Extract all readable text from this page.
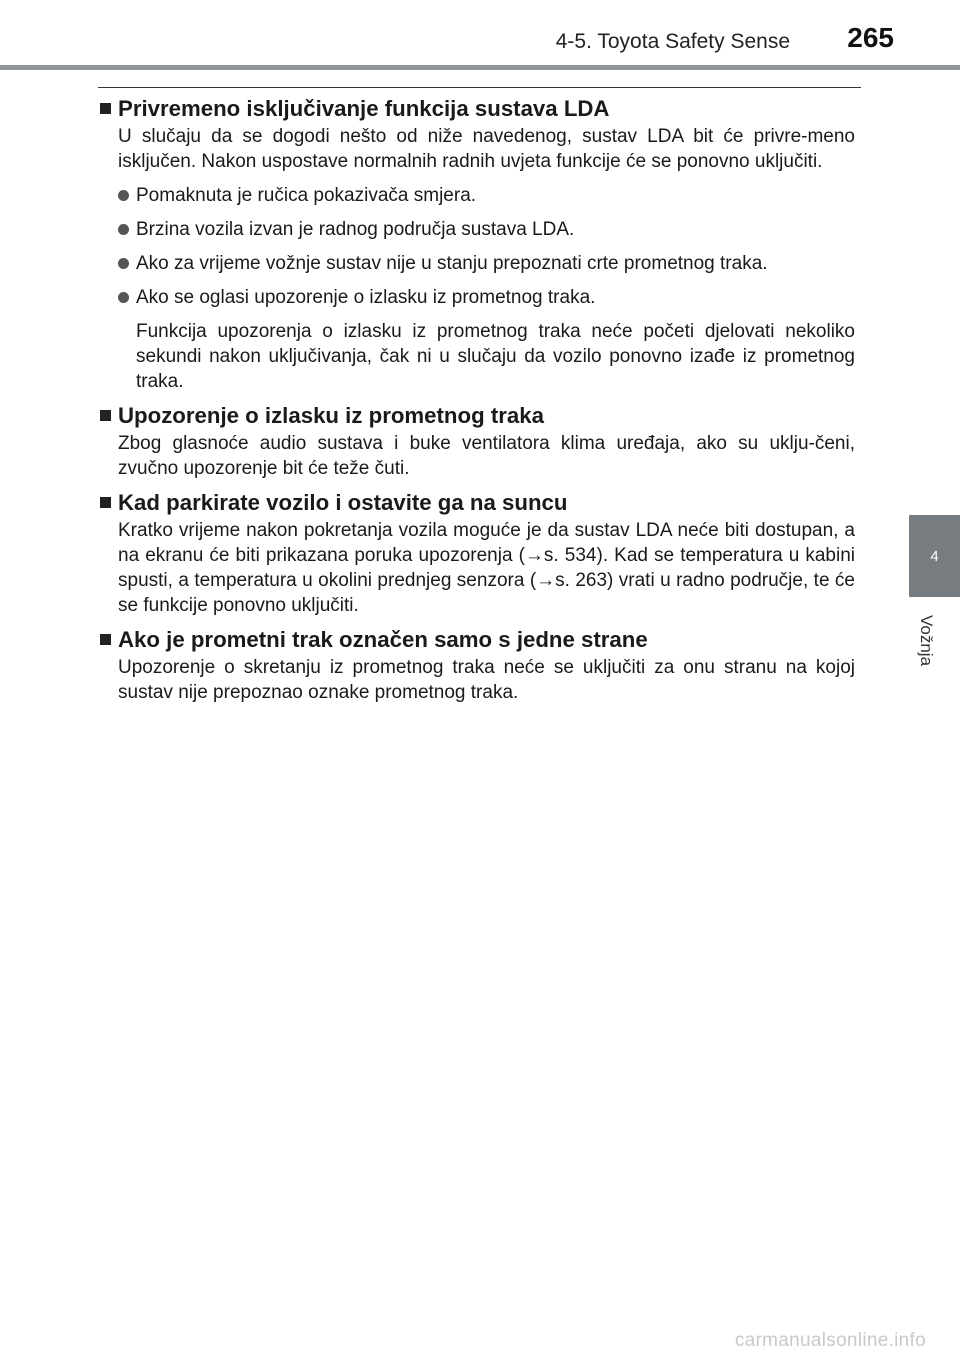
4-5. Toyota Safety Sense 265
4
Vožnja
Privremeno isključivanje funkcija sustava LDA

U slučaju da se dogodi nešto od niže navedenog, sustav LDA bit će privre-meno isključen. Nakon uspostave normalnih radnih uvjeta funkcije će se ponovno uključiti.

Pomaknuta je ručica pokazivača smjera.
Brzina vozila izvan je radnog područja sustava LDA.
Ako za vrijeme vožnje sustav nije u stanju prepoznati crte prometnog traka.
Ako se oglasi upozorenje o izlasku iz prometnog traka.

Funkcija upozorenja o izlasku iz prometnog traka neće početi djelovati nekoliko sekundi nakon uključivanja, čak ni u slučaju da vozilo ponovno izađe iz prometnog traka.

Upozorenje o izlasku iz prometnog traka

Zbog glasnoće audio sustava i buke ventilatora klima uređaja, ako su uklju-čeni, zvučno upozorenje bit će teže čuti.

Kad parkirate vozilo i ostavite ga na suncu

Kratko vrijeme nakon pokretanja vozila moguće je da sustav LDA neće biti dostupan, a na ekranu će biti prikazana poruka upozorenja (→s. 534). Kad se temperatura u kabini spusti, a temperatura u okolini prednjeg senzora (→s. 263) vrati u radno područje, te će se funkcije ponovno uključiti.

Ako je prometni trak označen samo s jedne strane

Upozorenje o skretanju iz prometnog traka neće se uključiti za onu stranu na kojoj sustav nije prepoznao oznake prometnog traka.

carmanualsonline.info
